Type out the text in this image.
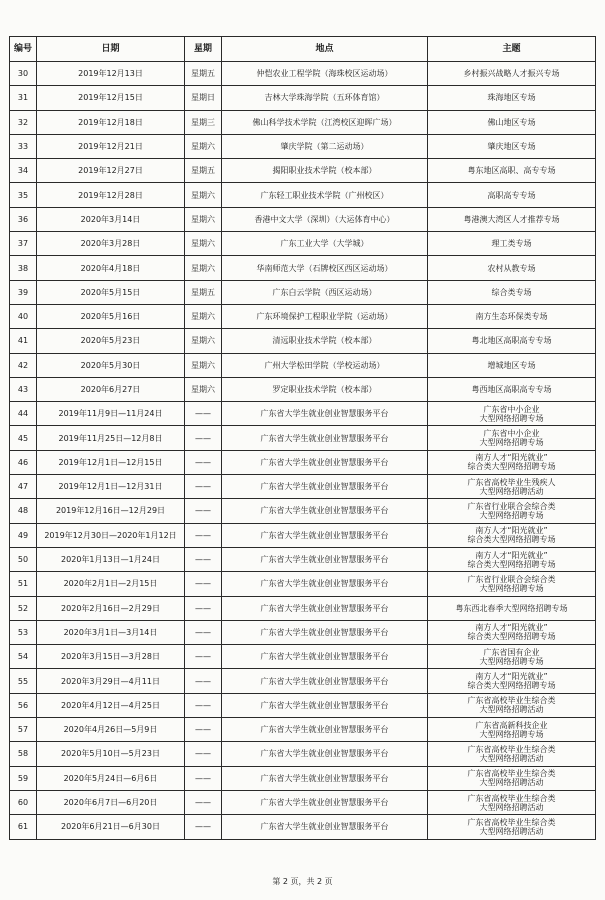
编号	日期	星期	地点	主题
30	2019年12月13日	星期五	仲恺农业工程学院（海珠校区运动场）	乡村振兴战略人才振兴专场
31	2019年12月15日	星期日	吉林大学珠海学院（五环体育馆）	珠海地区专场
32	2019年12月18日	星期三	佛山科学技术学院（江湾校区迎晖广场）	佛山地区专场
33	2019年12月21日	星期六	肇庆学院（第二运动场）	肇庆地区专场
34	2019年12月27日	星期五	揭阳职业技术学院（校本部）	粤东地区高职、高专专场
35	2019年12月28日	星期六	广东轻工职业技术学院（广州校区）	高职高专专场
36	2020年3月14日	星期六	香港中文大学（深圳）（大运体育中心）	粤港澳大湾区人才推荐专场
37	2020年3月28日	星期六	广东工业大学（大学城）	理工类专场
38	2020年4月18日	星期六	华南师范大学（石牌校区西区运动场）	农村从教专场
39	2020年5月15日	星期五	广东白云学院（西区运动场）	综合类专场
40	2020年5月16日	星期六	广东环境保护工程职业学院（运动场）	南方生态环保类专场
41	2020年5月23日	星期六	清远职业技术学院（校本部）	粤北地区高职高专专场
42	2020年5月30日	星期六	广州大学松田学院（学校运动场）	增城地区专场
43	2020年6月27日	星期六	罗定职业技术学院（校本部）	粤西地区高职高专专场
44	2019年11月9日—11月24日	——	广东省大学生就业创业智慧服务平台	广东省中小企业
大型网络招聘专场
45	2019年11月25日—12月8日	——	广东省大学生就业创业智慧服务平台	广东省中小企业
大型网络招聘专场
46	2019年12月1日—12月15日	——	广东省大学生就业创业智慧服务平台	南方人才“阳光就业”
综合类大型网络招聘专场
47	2019年12月1日—12月31日	——	广东省大学生就业创业智慧服务平台	广东省高校毕业生残疾人
大型网络招聘活动
48	2019年12月16日—12月29日	——	广东省大学生就业创业智慧服务平台	广东省行业联合会综合类
大型网络招聘专场
49	2019年12月30日—2020年1月12日	——	广东省大学生就业创业智慧服务平台	南方人才“阳光就业”
综合类大型网络招聘专场
50	2020年1月13日—1月24日	——	广东省大学生就业创业智慧服务平台	南方人才“阳光就业”
综合类大型网络招聘专场
51	2020年2月1日—2月15日	——	广东省大学生就业创业智慧服务平台	广东省行业联合会综合类
大型网络招聘专场
52	2020年2月16日—2月29日	——	广东省大学生就业创业智慧服务平台	粤东西北春季大型网络招聘专场
53	2020年3月1日—3月14日	——	广东省大学生就业创业智慧服务平台	南方人才“阳光就业”
综合类大型网络招聘专场
54	2020年3月15日—3月28日	——	广东省大学生就业创业智慧服务平台	广东省国有企业
大型网络招聘专场
55	2020年3月29日—4月11日	——	广东省大学生就业创业智慧服务平台	南方人才“阳光就业”
综合类大型网络招聘专场
56	2020年4月12日—4月25日	——	广东省大学生就业创业智慧服务平台	广东省高校毕业生综合类
大型网络招聘活动
57	2020年4月26日—5月9日	——	广东省大学生就业创业智慧服务平台	广东省高新科技企业
大型网络招聘专场
58	2020年5月10日—5月23日	——	广东省大学生就业创业智慧服务平台	广东省高校毕业生综合类
大型网络招聘活动
59	2020年5月24日—6月6日	——	广东省大学生就业创业智慧服务平台	广东省高校毕业生综合类
大型网络招聘活动
60	2020年6月7日—6月20日	——	广东省大学生就业创业智慧服务平台	广东省高校毕业生综合类
大型网络招聘活动
61	2020年6月21日—6月30日	——	广东省大学生就业创业智慧服务平台	广东省高校毕业生综合类
大型网络招聘活动
第 2 页，共 2 页
